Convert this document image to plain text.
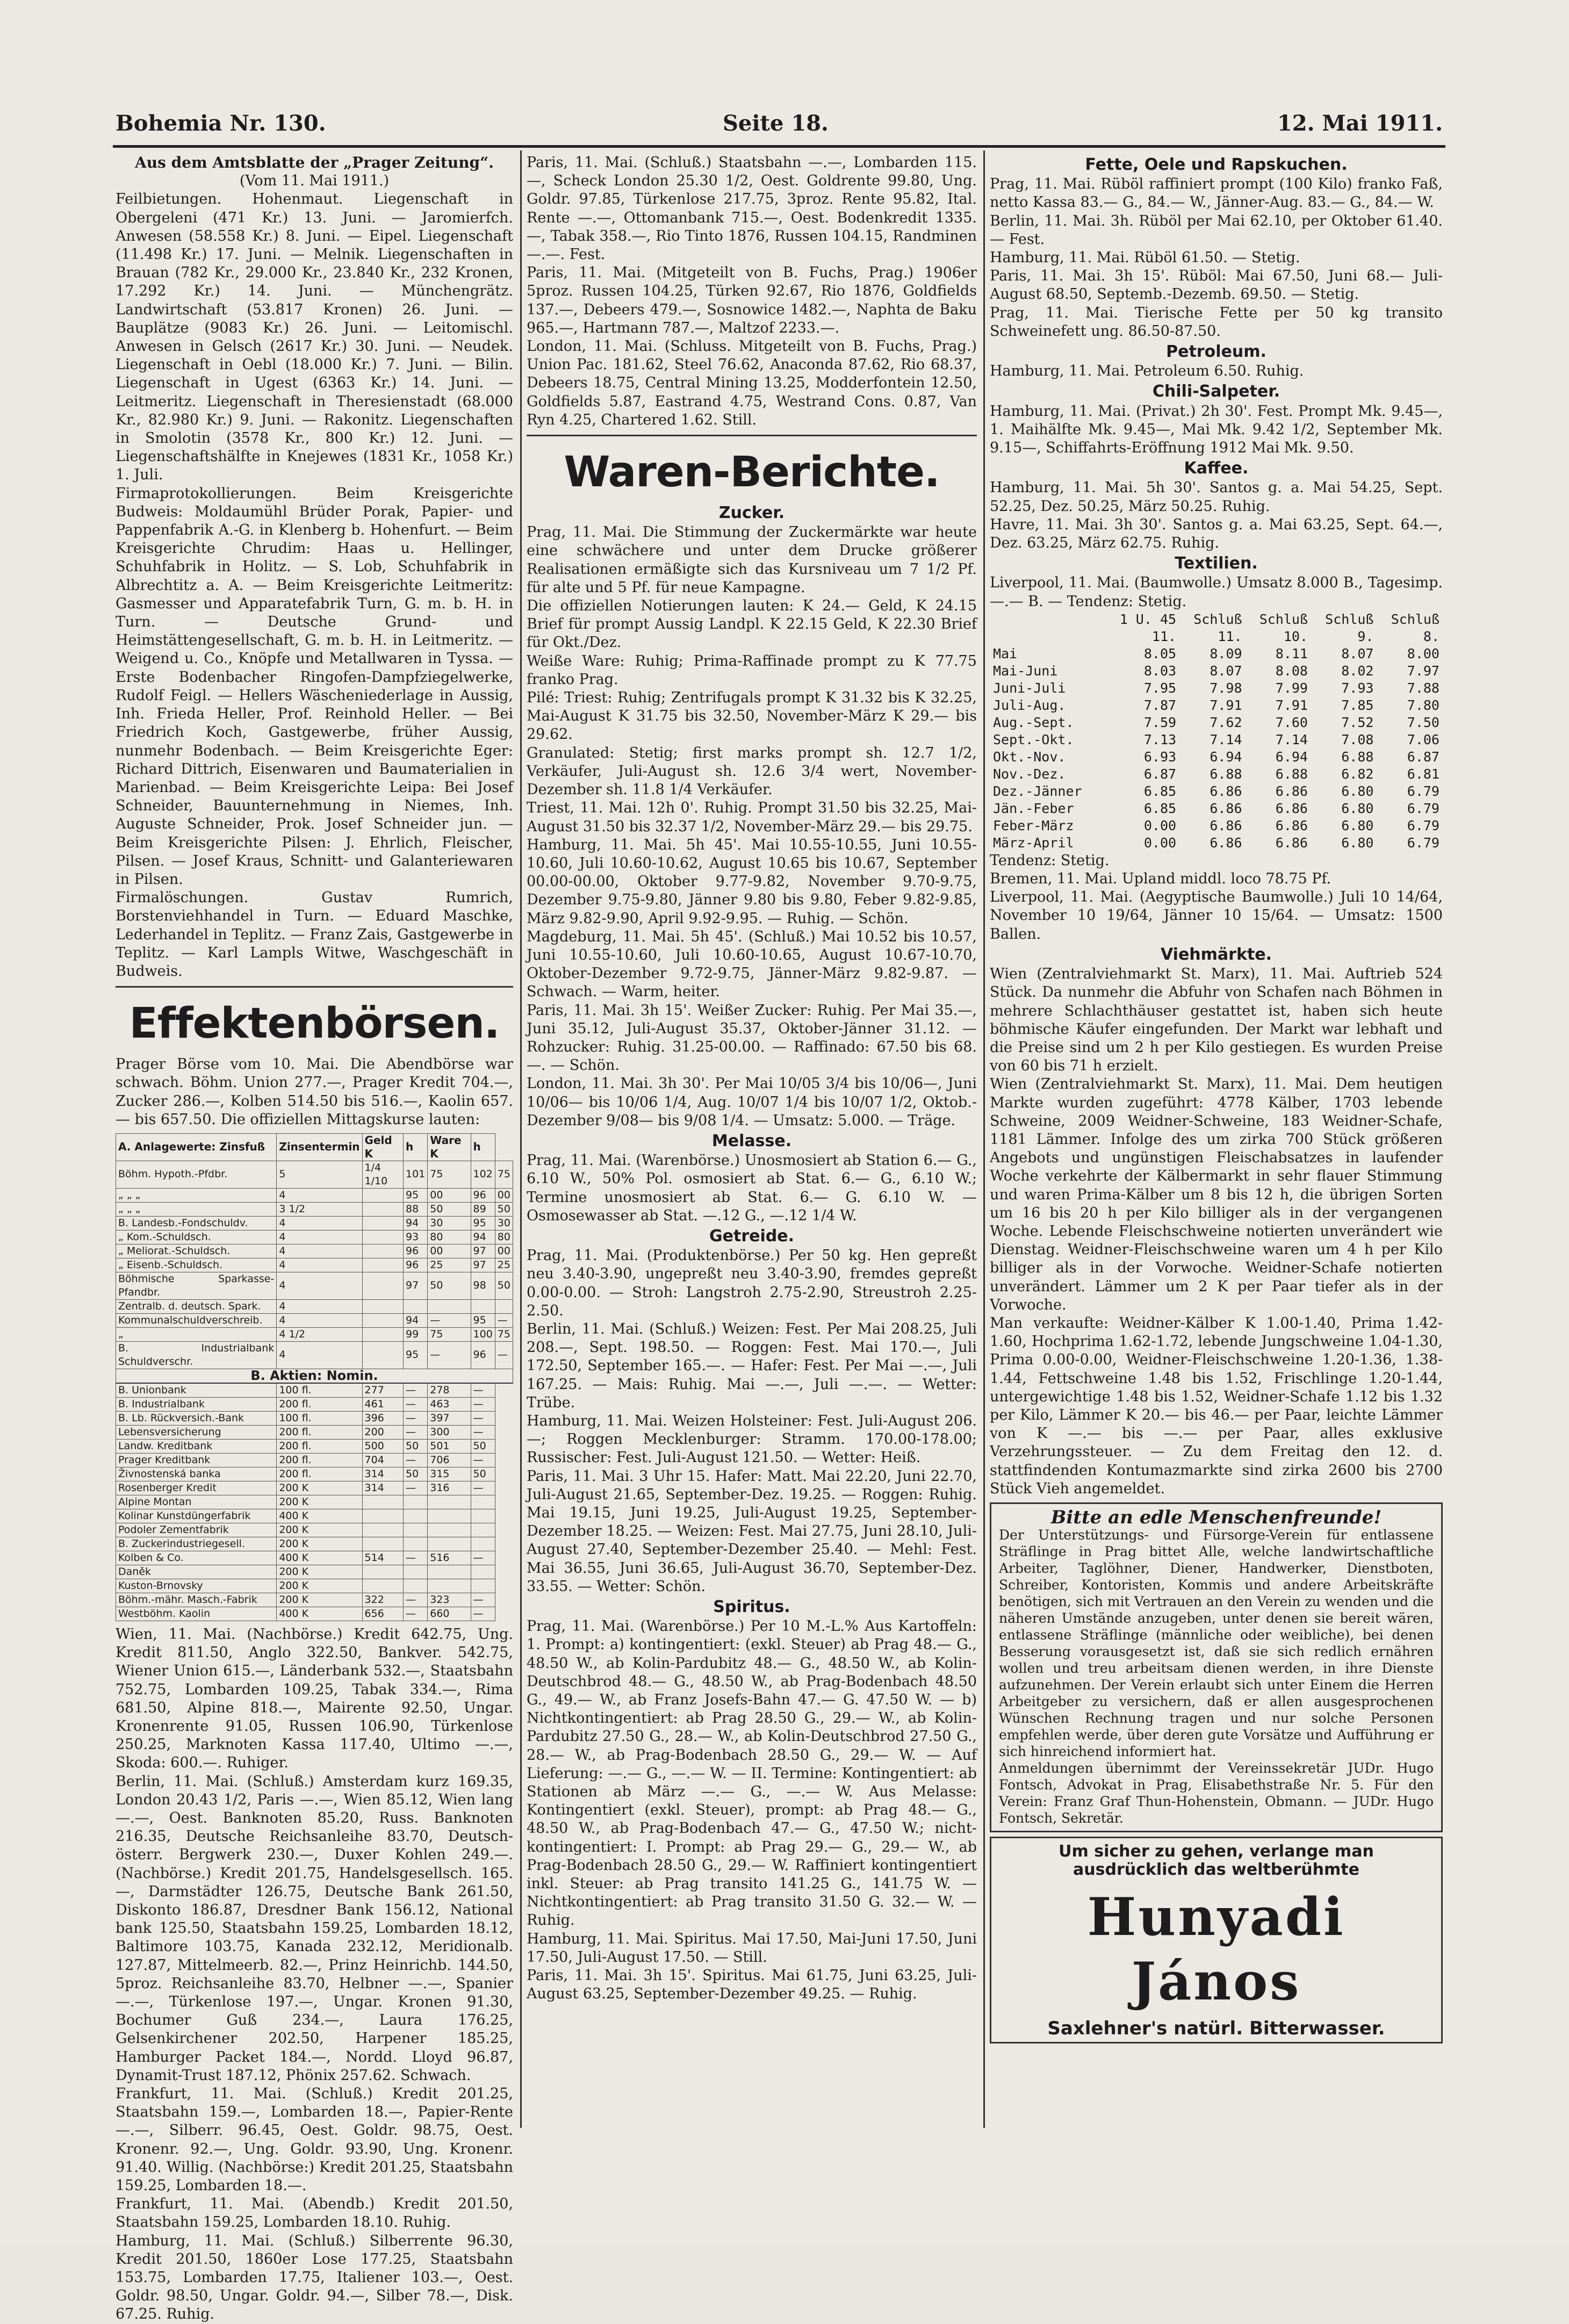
Bohemia Nr. 130.	Seite 18.	12. Mai 1911.

Aus dem Amtsblatte der „Prager Zeitung“.

(Vom 11. Mai 1911.)

Feilbietungen. Hohenmaut. Liegenschaft in Obergeleni (471 Kr.) 13. Juni. — Jaromierfch. Anwesen (58.558 Kr.) 8. Juni. — Eipel. Liegenschaft (11.498 Kr.) 17. Juni. — Melnik. Liegenschaften in Brauan (782 Kr., 29.000 Kr., 23.840 Kr., 232 Kronen, 17.292 Kr.) 14. Juni. — Münchengrätz. Landwirtschaft (53.817 Kronen) 26. Juni. — Bauplätze (9083 Kr.) 26. Juni. — Leitomischl. Anwesen in Gelsch (2617 Kr.) 30. Juni. — Neudek. Liegenschaft in Oebl (18.000 Kr.) 7. Juni. — Bilin. Liegenschaft in Ugest (6363 Kr.) 14. Juni. — Leitmeritz. Liegenschaft in Theresienstadt (68.000 Kr., 82.980 Kr.) 9. Juni. — Rakonitz. Liegenschaften in Smolotin (3578 Kr., 800 Kr.) 12. Juni. — Liegenschaftshälfte in Knejewes (1831 Kr., 1058 Kr.) 1. Juli.

Firmaprotokollierungen. Beim Kreisgerichte Budweis: Moldaumühl Brüder Porak, Papier- und Pappenfabrik A.-G. in Klenberg b. Hohenfurt. — Beim Kreisgerichte Chrudim: Haas u. Hellinger, Schuhfabrik in Holitz. — S. Lob, Schuhfabrik in Albrechtitz a. A. — Beim Kreisgerichte Leitmeritz: Gasmesser und Apparatefabrik Turn, G. m. b. H. in Turn. — Deutsche Grund- und Heimstättengesellschaft, G. m. b. H. in Leitmeritz. — Weigend u. Co., Knöpfe und Metallwaren in Tyssa. — Erste Bodenbacher Ringofen-Dampfziegelwerke, Rudolf Feigl. — Hellers Wäscheniederlage in Aussig, Inh. Frieda Heller, Prof. Reinhold Heller. — Bei Friedrich Koch, Gastgewerbe, früher Aussig, nunmehr Bodenbach. — Beim Kreisgerichte Eger: Richard Dittrich, Eisenwaren und Baumaterialien in Marienbad. — Beim Kreisgerichte Leipa: Bei Josef Schneider, Bauunternehmung in Niemes, Inh. Auguste Schneider, Prok. Josef Schneider jun. — Beim Kreisgerichte Pilsen: J. Ehrlich, Fleischer, Pilsen. — Josef Kraus, Schnitt- und Galanteriewaren in Pilsen.

Firmalöschungen. Gustav Rumrich, Borstenviehhandel in Turn. — Eduard Maschke, Lederhandel in Teplitz. — Franz Zais, Gastgewerbe in Teplitz. — Karl Lampls Witwe, Waschgeschäft in Budweis.

Effektenbörsen.

Prager Börse vom 10. Mai. Die Abendbörse war schwach. Böhm. Union 277.—, Prager Kredit 704.—, Zucker 286.—, Kolben 514.50 bis 516.—, Kaolin 657.— bis 657.50. Die offiziellen Mittagskurse lauten:

A. Anlagewerte: Zinsfuß	Zinsentermin	Geld K	h	Ware K	h	
Böhm. Hypoth.-Pfdbr.	5	1/4 1/10	101	75	102	75
„ „ „	4		95	00	96	00
„ „ „	3 1/2		88	50	89	50
B. Landesb.-Fondschuldv.	4		94	30	95	30
„ Kom.-Schuldsch.	4		93	80	94	80
„ Meliorat.-Schuldsch.	4		96	00	97	00
„ Eisenb.-Schuldsch.	4		96	25	97	25
Böhmische Sparkasse-Pfandbr.	4		97	50	98	50
Zentralb. d. deutsch. Spark.	4					
Kommunalschuldverschreib.	4		94	—	95	—
„	4 1/2		99	75	100	75
B. Industrialbank Schuldverschr.	4		95	—	96	—
B. Aktien: Nomin.						
B. Unionbank	100 fl.	277	—	278	—	
B. Industrialbank	200 fl.	461	—	463	—	
B. Lb. Rückversich.-Bank	100 fl.	396	—	397	—	
Lebensversicherung	200 fl.	200	—	300	—	
Landw. Kreditbank	200 fl.	500	50	501	50	
Prager Kreditbank	200 fl.	704	—	706	—	
Živnostenská banka	200 fl.	314	50	315	50	
Rosenberger Kredit	200 K	314	—	316	—	
Alpine Montan	200 K					
Kolinar Kunstdüngerfabrik	400 K					
Podoler Zementfabrik	200 K					
B. Zuckerindustriegesell.	200 K					
Kolben & Co.	400 K	514	—	516	—	
Daněk	200 K					
Kuston-Brnovsky	200 K					
Böhm.-mähr. Masch.-Fabrik	200 K	322	—	323	—	
Westböhm. Kaolin	400 K	656	—	660	—	

Wien, 11. Mai. (Nachbörse.) Kredit 642.75, Ung. Kredit 811.50, Anglo 322.50, Bankver. 542.75, Wiener Union 615.—, Länderbank 532.—, Staatsbahn 752.75, Lombarden 109.25, Tabak 334.—, Rima 681.50, Alpine 818.—, Mairente 92.50, Ungar. Kronenrente 91.05, Russen 106.90, Türkenlose 250.25, Marknoten Kassa 117.40, Ultimo —.—, Skoda: 600.—. Ruhiger.

Berlin, 11. Mai. (Schluß.) Amsterdam kurz 169.35, London 20.43 1/2, Paris —.—, Wien 85.12, Wien lang —.—, Oest. Banknoten 85.20, Russ. Banknoten 216.35, Deutsche Reichsanleihe 83.70, Deutsch-österr. Bergwerk 230.—, Duxer Kohlen 249.—. (Nachbörse.) Kredit 201.75, Handelsgesellsch. 165.—, Darmstädter 126.75, Deutsche Bank 261.50, Diskonto 186.87, Dresdner Bank 156.12, National bank 125.50, Staatsbahn 159.25, Lombarden 18.12, Baltimore 103.75, Kanada 232.12, Meridionalb. 127.87, Mittelmeerb. 82.—, Prinz Heinrichb. 144.50, 5proz. Reichsanleihe 83.70, Helbner —.—, Spanier —.—, Türkenlose 197.—, Ungar. Kronen 91.30, Bochumer Guß 234.—, Laura 176.25, Gelsenkirchener 202.50, Harpener 185.25, Hamburger Packet 184.—, Nordd. Lloyd 96.87, Dynamit-Trust 187.12, Phönix 257.62. Schwach.

Frankfurt, 11. Mai. (Schluß.) Kredit 201.25, Staatsbahn 159.—, Lombarden 18.—, Papier-Rente —.—, Silberr. 96.45, Oest. Goldr. 98.75, Oest. Kronenr. 92.—, Ung. Goldr. 93.90, Ung. Kronenr. 91.40. Willig. (Nachbörse:) Kredit 201.25, Staatsbahn 159.25, Lombarden 18.—.

Frankfurt, 11. Mai. (Abendb.) Kredit 201.50, Staatsbahn 159.25, Lombarden 18.10. Ruhig.

Hamburg, 11. Mai. (Schluß.) Silberrente 96.30, Kredit 201.50, 1860er Lose 177.25, Staatsbahn 153.75, Lombarden 17.75, Italiener 103.—, Oest. Goldr. 98.50, Ungar. Goldr. 94.—, Silber 78.—, Disk. 67.25. Ruhig.

Paris, 11. Mai. (Schluß.) Staatsbahn —.—, Lombarden 115.—, Scheck London 25.30 1/2, Oest. Goldrente 99.80, Ung. Goldr. 97.85, Türkenlose 217.75, 3proz. Rente 95.82, Ital. Rente —.—, Ottomanbank 715.—, Oest. Bodenkredit 1335.—, Tabak 358.—, Rio Tinto 1876, Russen 104.15, Randminen —.—. Fest.

Paris, 11. Mai. (Mitgeteilt von B. Fuchs, Prag.) 1906er 5proz. Russen 104.25, Türken 92.67, Rio 1876, Goldfields 137.—, Debeers 479.—, Sosnowice 1482.—, Naphta de Baku 965.—, Hartmann 787.—, Maltzof 2233.—.

London, 11. Mai. (Schluss. Mitgeteilt von B. Fuchs, Prag.) Union Pac. 181.62, Steel 76.62, Anaconda 87.62, Rio 68.37, Debeers 18.75, Central Mining 13.25, Modderfontein 12.50, Goldfields 5.87, Eastrand 4.75, Westrand Cons. 0.87, Van Ryn 4.25, Chartered 1.62. Still.

Waren-Berichte.
Zucker.

Prag, 11. Mai. Die Stimmung der Zuckermärkte war heute eine schwächere und unter dem Drucke größerer Realisationen ermäßigte sich das Kursniveau um 7 1/2 Pf. für alte und 5 Pf. für neue Kampagne.

Die offiziellen Notierungen lauten: K 24.— Geld, K 24.15 Brief für prompt Aussig Landpl. K 22.15 Geld, K 22.30 Brief für Okt./Dez.

Weiße Ware: Ruhig; Prima-Raffinade prompt zu K 77.75 franko Prag.

Pilé: Triest: Ruhig; Zentrifugals prompt K 31.32 bis K 32.25, Mai-August K 31.75 bis 32.50, November-März K 29.— bis 29.62.

Granulated: Stetig; first marks prompt sh. 12.7 1/2, Verkäufer, Juli-August sh. 12.6 3/4 wert, November-Dezember sh. 11.8 1/4 Verkäufer.

Triest, 11. Mai. 12h 0'. Ruhig. Prompt 31.50 bis 32.25, Mai-August 31.50 bis 32.37 1/2, November-März 29.— bis 29.75.

Hamburg, 11. Mai. 5h 45'. Mai 10.55-10.55, Juni 10.55-10.60, Juli 10.60-10.62, August 10.65 bis 10.67, September 00.00-00.00, Oktober 9.77-9.82, November 9.70-9.75, Dezember 9.75-9.80, Jänner 9.80 bis 9.80, Feber 9.82-9.85, März 9.82-9.90, April 9.92-9.95. — Ruhig. — Schön.

Magdeburg, 11. Mai. 5h 45'. (Schluß.) Mai 10.52 bis 10.57, Juni 10.55-10.60, Juli 10.60-10.65, August 10.67-10.70, Oktober-Dezember 9.72-9.75, Jänner-März 9.82-9.87. — Schwach. — Warm, heiter.

Paris, 11. Mai. 3h 15'. Weißer Zucker: Ruhig. Per Mai 35.—, Juni 35.12, Juli-August 35.37, Oktober-Jänner 31.12. — Rohzucker: Ruhig. 31.25-00.00. — Raffinado: 67.50 bis 68.—. — Schön.

London, 11. Mai. 3h 30'. Per Mai 10/05 3/4 bis 10/06—, Juni 10/06— bis 10/06 1/4, Aug. 10/07 1/4 bis 10/07 1/2, Oktob.-Dezember 9/08— bis 9/08 1/4. — Umsatz: 5.000. — Träge.

Melasse.

Prag, 11. Mai. (Warenbörse.) Unosmosiert ab Station 6.— G., 6.10 W., 50% Pol. osmosiert ab Stat. 6.— G., 6.10 W.; Termine unosmosiert ab Stat. 6.— G. 6.10 W. — Osmosewasser ab Stat. —.12 G., —.12 1/4 W.

Getreide.

Prag, 11. Mai. (Produktenbörse.) Per 50 kg. Hen gepreßt neu 3.40-3.90, ungepreßt neu 3.40-3.90, fremdes gepreßt 0.00-0.00. — Stroh: Langstroh 2.75-2.90, Streustroh 2.25-2.50.

Berlin, 11. Mai. (Schluß.) Weizen: Fest. Per Mai 208.25, Juli 208.—, Sept. 198.50. — Roggen: Fest. Mai 170.—, Juli 172.50, September 165.—. — Hafer: Fest. Per Mai —.—, Juli 167.25. — Mais: Ruhig. Mai —.—, Juli —.—. — Wetter: Trübe.

Hamburg, 11. Mai. Weizen Holsteiner: Fest. Juli-August 206.—; Roggen Mecklenburger: Stramm. 170.00-178.00; Russischer: Fest. Juli-August 121.50. — Wetter: Heiß.

Paris, 11. Mai. 3 Uhr 15. Hafer: Matt. Mai 22.20, Juni 22.70, Juli-August 21.65, September-Dez. 19.25. — Roggen: Ruhig. Mai 19.15, Juni 19.25, Juli-August 19.25, September-Dezember 18.25. — Weizen: Fest. Mai 27.75, Juni 28.10, Juli-August 27.40, September-Dezember 25.40. — Mehl: Fest. Mai 36.55, Juni 36.65, Juli-August 36.70, September-Dez. 33.55. — Wetter: Schön.

Spiritus.

Prag, 11. Mai. (Warenbörse.) Per 10 M.-L.% Aus Kartoffeln: 1. Prompt: a) kontingentiert: (exkl. Steuer) ab Prag 48.— G., 48.50 W., ab Kolin-Pardubitz 48.— G., 48.50 W., ab Kolin-Deutschbrod 48.— G., 48.50 W., ab Prag-Bodenbach 48.50 G., 49.— W., ab Franz Josefs-Bahn 47.— G. 47.50 W. — b) Nichtkontingentiert: ab Prag 28.50 G., 29.— W., ab Kolin-Pardubitz 27.50 G., 28.— W., ab Kolin-Deutschbrod 27.50 G., 28.— W., ab Prag-Bodenbach 28.50 G., 29.— W. — Auf Lieferung: —.— G., —.— W. — II. Termine: Kontingentiert: ab Stationen ab März —.— G., —.— W. Aus Melasse: Kontingentiert (exkl. Steuer), prompt: ab Prag 48.— G., 48.50 W., ab Prag-Bodenbach 47.— G., 47.50 W.; nicht-kontingentiert: I. Prompt: ab Prag 29.— G., 29.— W., ab Prag-Bodenbach 28.50 G., 29.— W. Raffiniert kontingentiert inkl. Steuer: ab Prag transito 141.25 G., 141.75 W. — Nichtkontingentiert: ab Prag transito 31.50 G. 32.— W. — Ruhig.

Hamburg, 11. Mai. Spiritus. Mai 17.50, Mai-Juni 17.50, Juni 17.50, Juli-August 17.50. — Still.

Paris, 11. Mai. 3h 15'. Spiritus. Mai 61.75, Juni 63.25, Juli-August 63.25, September-Dezember 49.25. — Ruhig.

Fette, Oele und Rapskuchen.

Prag, 11. Mai. Rüböl raffiniert prompt (100 Kilo) franko Faß, netto Kassa 83.— G., 84.— W., Jänner-Aug. 83.— G., 84.— W.

Berlin, 11. Mai. 3h. Rüböl per Mai 62.10, per Oktober 61.40. — Fest.

Hamburg, 11. Mai. Rüböl 61.50. — Stetig.

Paris, 11. Mai. 3h 15'. Rüböl: Mai 67.50, Juni 68.— Juli-August 68.50, Septemb.-Dezemb. 69.50. — Stetig.

Prag, 11. Mai. Tierische Fette per 50 kg transito Schweinefett ung. 86.50-87.50.

Petroleum.

Hamburg, 11. Mai. Petroleum 6.50. Ruhig.

Chili-Salpeter.

Hamburg, 11. Mai. (Privat.) 2h 30'. Fest. Prompt Mk. 9.45—, 1. Maihälfte Mk. 9.45—, Mai Mk. 9.42 1/2, September Mk. 9.15—, Schiffahrts-Eröffnung 1912 Mai Mk. 9.50.

Kaffee.

Hamburg, 11. Mai. 5h 30'. Santos g. a. Mai 54.25, Sept. 52.25, Dez. 50.25, März 50.25. Ruhig.

Havre, 11. Mai. 3h 30'. Santos g. a. Mai 63.25, Sept. 64.—, Dez. 63.25, März 62.75. Ruhig.

Textilien.

Liverpool, 11. Mai. (Baumwolle.) Umsatz 8.000 B., Tagesimp. —.— B. — Tendenz: Stetig.

	1 U. 45	Schluß	Schluß	Schluß	Schluß
	11.	11.	10.	9.	8.
Mai	8.05	8.09	8.11	8.07	8.00
Mai-Juni	8.03	8.07	8.08	8.02	7.97
Juni-Juli	7.95	7.98	7.99	7.93	7.88
Juli-Aug.	7.87	7.91	7.91	7.85	7.80
Aug.-Sept.	7.59	7.62	7.60	7.52	7.50
Sept.-Okt.	7.13	7.14	7.14	7.08	7.06
Okt.-Nov.	6.93	6.94	6.94	6.88	6.87
Nov.-Dez.	6.87	6.88	6.88	6.82	6.81
Dez.-Jänner	6.85	6.86	6.86	6.80	6.79
Jän.-Feber	6.85	6.86	6.86	6.80	6.79
Feber-März	0.00	6.86	6.86	6.80	6.79
März-April	0.00	6.86	6.86	6.80	6.79

Tendenz: Stetig.

Bremen, 11. Mai. Upland middl. loco 78.75 Pf.

Liverpool, 11. Mai. (Aegyptische Baumwolle.) Juli 10 14/64, November 10 19/64, Jänner 10 15/64. — Umsatz: 1500 Ballen.

Viehmärkte.

Wien (Zentralviehmarkt St. Marx), 11. Mai. Auftrieb 524 Stück. Da nunmehr die Abfuhr von Schafen nach Böhmen in mehrere Schlachthäuser gestattet ist, haben sich heute böhmische Käufer eingefunden. Der Markt war lebhaft und die Preise sind um 2 h per Kilo gestiegen. Es wurden Preise von 60 bis 71 h erzielt.

Wien (Zentralviehmarkt St. Marx), 11. Mai. Dem heutigen Markte wurden zugeführt: 4778 Kälber, 1703 lebende Schweine, 2009 Weidner-Schweine, 183 Weidner-Schafe, 1181 Lämmer. Infolge des um zirka 700 Stück größeren Angebots und ungünstigen Fleischabsatzes in laufender Woche verkehrte der Kälbermarkt in sehr flauer Stimmung und waren Prima-Kälber um 8 bis 12 h, die übrigen Sorten um 16 bis 20 h per Kilo billiger als in der vergangenen Woche. Lebende Fleischschweine notierten unverändert wie Dienstag. Weidner-Fleischschweine waren um 4 h per Kilo billiger als in der Vorwoche. Weidner-Schafe notierten unverändert. Lämmer um 2 K per Paar tiefer als in der Vorwoche.

Man verkaufte: Weidner-Kälber K 1.00-1.40, Prima 1.42-1.60, Hochprima 1.62-1.72, lebende Jungschweine 1.04-1.30, Prima 0.00-0.00, Weidner-Fleischschweine 1.20-1.36, 1.38-1.44, Fettschweine 1.48 bis 1.52, Frischlinge 1.20-1.44, untergewichtige 1.48 bis 1.52, Weidner-Schafe 1.12 bis 1.32 per Kilo, Lämmer K 20.— bis 46.— per Paar, leichte Lämmer von K —.— bis —.— per Paar, alles exklusive Verzehrungssteuer. — Zu dem Freitag den 12. d. stattfindenden Kontumazmarkte sind zirka 2600 bis 2700 Stück Vieh angemeldet.

Bitte an edle Menschenfreunde!

Der Unterstützungs- und Fürsorge-Verein für entlassene Sträflinge in Prag bittet Alle, welche landwirtschaftliche Arbeiter, Taglöhner, Diener, Handwerker, Dienstboten, Schreiber, Kontoristen, Kommis und andere Arbeitskräfte benötigen, sich mit Vertrauen an den Verein zu wenden und die näheren Umstände anzugeben, unter denen sie bereit wären, entlassene Sträflinge (männliche oder weibliche), bei denen Besserung vorausgesetzt ist, daß sie sich redlich ernähren wollen und treu arbeitsam dienen werden, in ihre Dienste aufzunehmen. Der Verein erlaubt sich unter Einem die Herren Arbeitgeber zu versichern, daß er allen ausgesprochenen Wünschen Rechnung tragen und nur solche Personen empfehlen werde, über deren gute Vorsätze und Aufführung er sich hinreichend informiert hat.

Anmeldungen übernimmt der Vereinssekretär JUDr. Hugo Fontsch, Advokat in Prag, Elisabethstraße Nr. 5. Für den Verein: Franz Graf Thun-Hohenstein, Obmann. — JUDr. Hugo Fontsch, Sekretär.

Um sicher zu gehen, verlange man
ausdrücklich das weltberühmte
Hunyadi János
Saxlehner's natürl. Bitterwasser.
